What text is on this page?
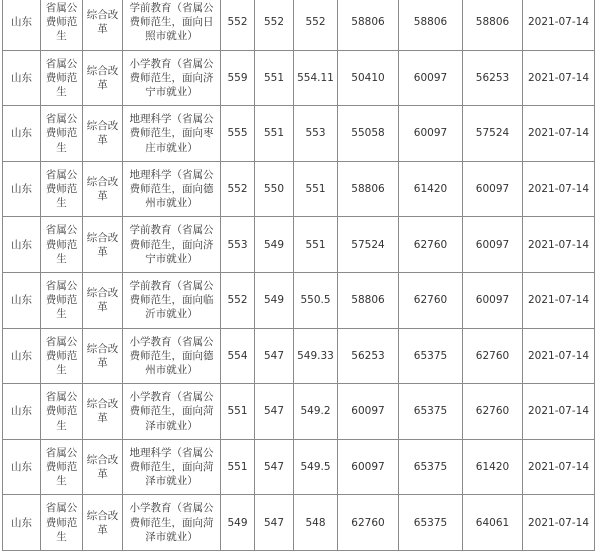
山东	省属公费师范生	综合改革	学前教育（省属公费师范生，面向日照市就业）	552	552	552	58806	58806	58806	2021-07-14
山东	省属公费师范生	综合改革	小学教育（省属公费师范生，面向济宁市就业）	559	551	554.11	50410	60097	56253	2021-07-14
山东	省属公费师范生	综合改革	地理科学（省属公费师范生，面向枣庄市就业）	555	551	553	55058	60097	57524	2021-07-14
山东	省属公费师范生	综合改革	地理科学（省属公费师范生，面向德州市就业）	552	550	551	58806	61420	60097	2021-07-14
山东	省属公费师范生	综合改革	学前教育（省属公费师范生，面向济宁市就业）	553	549	551	57524	62760	60097	2021-07-14
山东	省属公费师范生	综合改革	学前教育（省属公费师范生，面向临沂市就业）	552	549	550.5	58806	62760	60097	2021-07-14
山东	省属公费师范生	综合改革	小学教育（省属公费师范生，面向德州市就业）	554	547	549.33	56253	65375	62760	2021-07-14
山东	省属公费师范生	综合改革	小学教育（省属公费师范生，面向菏泽市就业）	551	547	549.2	60097	65375	62760	2021-07-14
山东	省属公费师范生	综合改革	地理科学（省属公费师范生，面向菏泽市就业）	551	547	549.5	60097	65375	61420	2021-07-14
山东	省属公费师范生	综合改革	小学教育（省属公费师范生，面向菏泽市就业）	549	547	548	62760	65375	64061	2021-07-14
